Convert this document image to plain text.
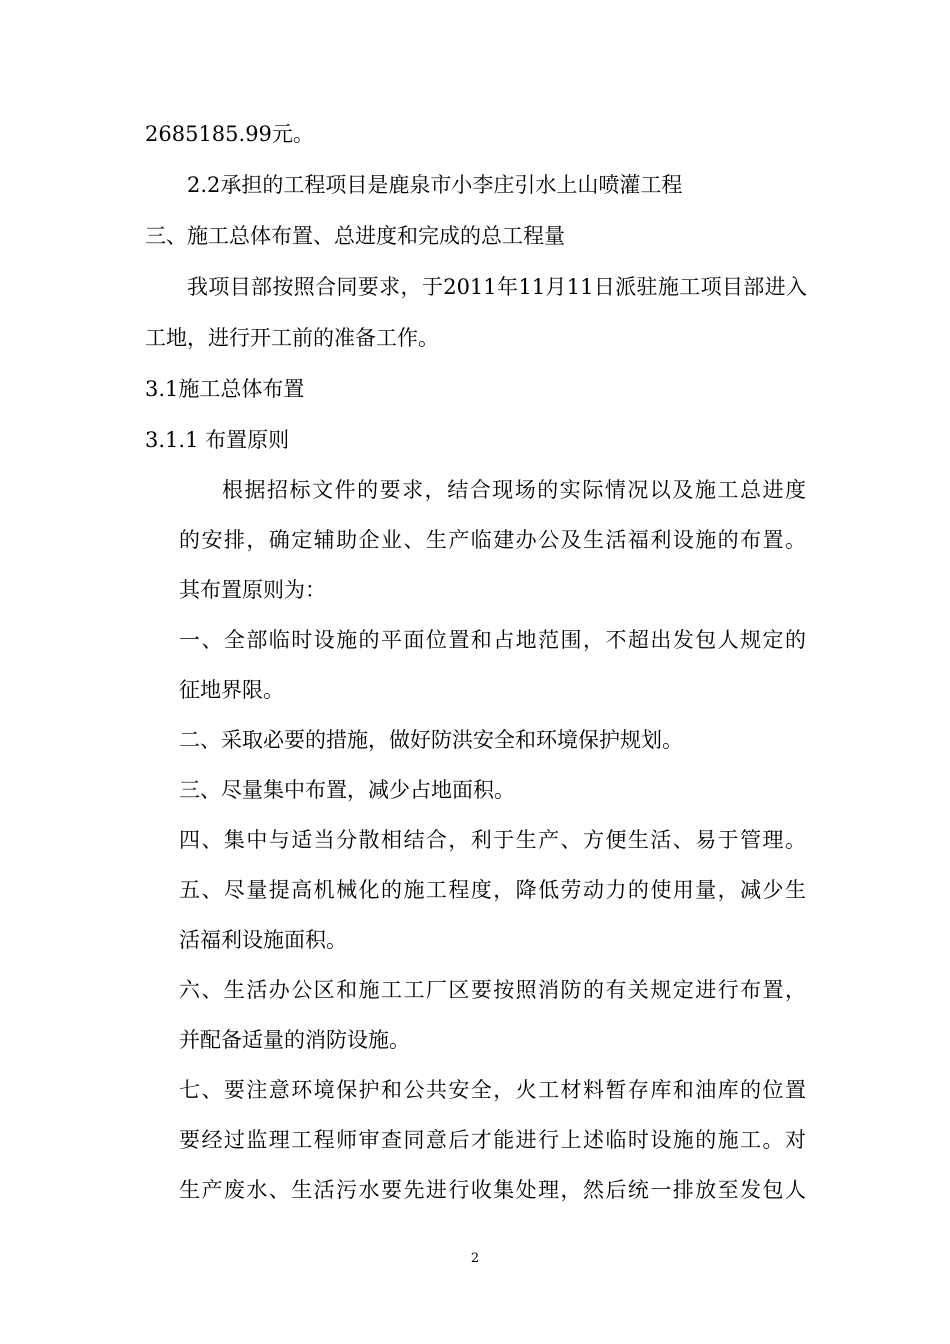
2685185.99元。

2.2承担的工程项目是鹿泉市小李庄引水上山喷灌工程

三、施工总体布置、总进度和完成的总工程量

我项目部按照合同要求，于2011年11月11日派驻施工项目部进入

工地，进行开工前的准备工作。

3.1施工总体布置

3.1.1 布置原则

根据招标文件的要求，结合现场的实际情况以及施工总进度

的安排，确定辅助企业、生产临建办公及生活福利设施的布置。

其布置原则为：

一、全部临时设施的平面位置和占地范围，不超出发包人规定的

征地界限。

二、采取必要的措施，做好防洪安全和环境保护规划。

三、尽量集中布置，减少占地面积。

四、集中与适当分散相结合，利于生产、方便生活、易于管理。

五、尽量提高机械化的施工程度，降低劳动力的使用量，减少生

活福利设施面积。

六、生活办公区和施工工厂区要按照消防的有关规定进行布置，

并配备适量的消防设施。

七、要注意环境保护和公共安全，火工材料暂存库和油库的位置

要经过监理工程师审查同意后才能进行上述临时设施的施工。对

生产废水、生活污水要先进行收集处理，然后统一排放至发包人

2
